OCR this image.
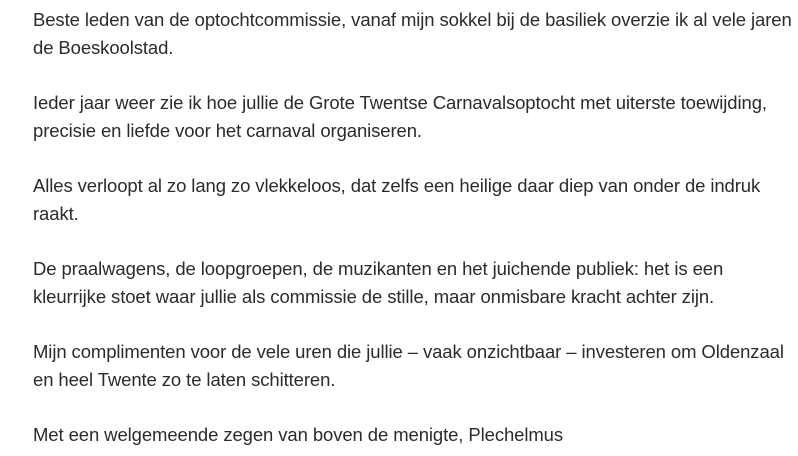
Beste leden van de optochtcommissie, vanaf mijn sokkel bij de basiliek overzie ik al vele jaren de Boeskoolstad.

Ieder jaar weer zie ik hoe jullie de Grote Twentse Carnavalsoptocht met uiterste toewijding, precisie en liefde voor het carnaval organiseren.

Alles verloopt al zo lang zo vlekkeloos, dat zelfs een heilige daar diep van onder de indruk raakt.

De praalwagens, de loopgroepen, de muzikanten en het juichende publiek: het is een kleurrijke stoet waar jullie als commissie de stille, maar onmisbare kracht achter zijn.

Mijn complimenten voor de vele uren die jullie – vaak onzichtbaar – investeren om Oldenzaal en heel Twente zo te laten schitteren.

Met een welgemeende zegen van boven de menigte, Plechelmus
